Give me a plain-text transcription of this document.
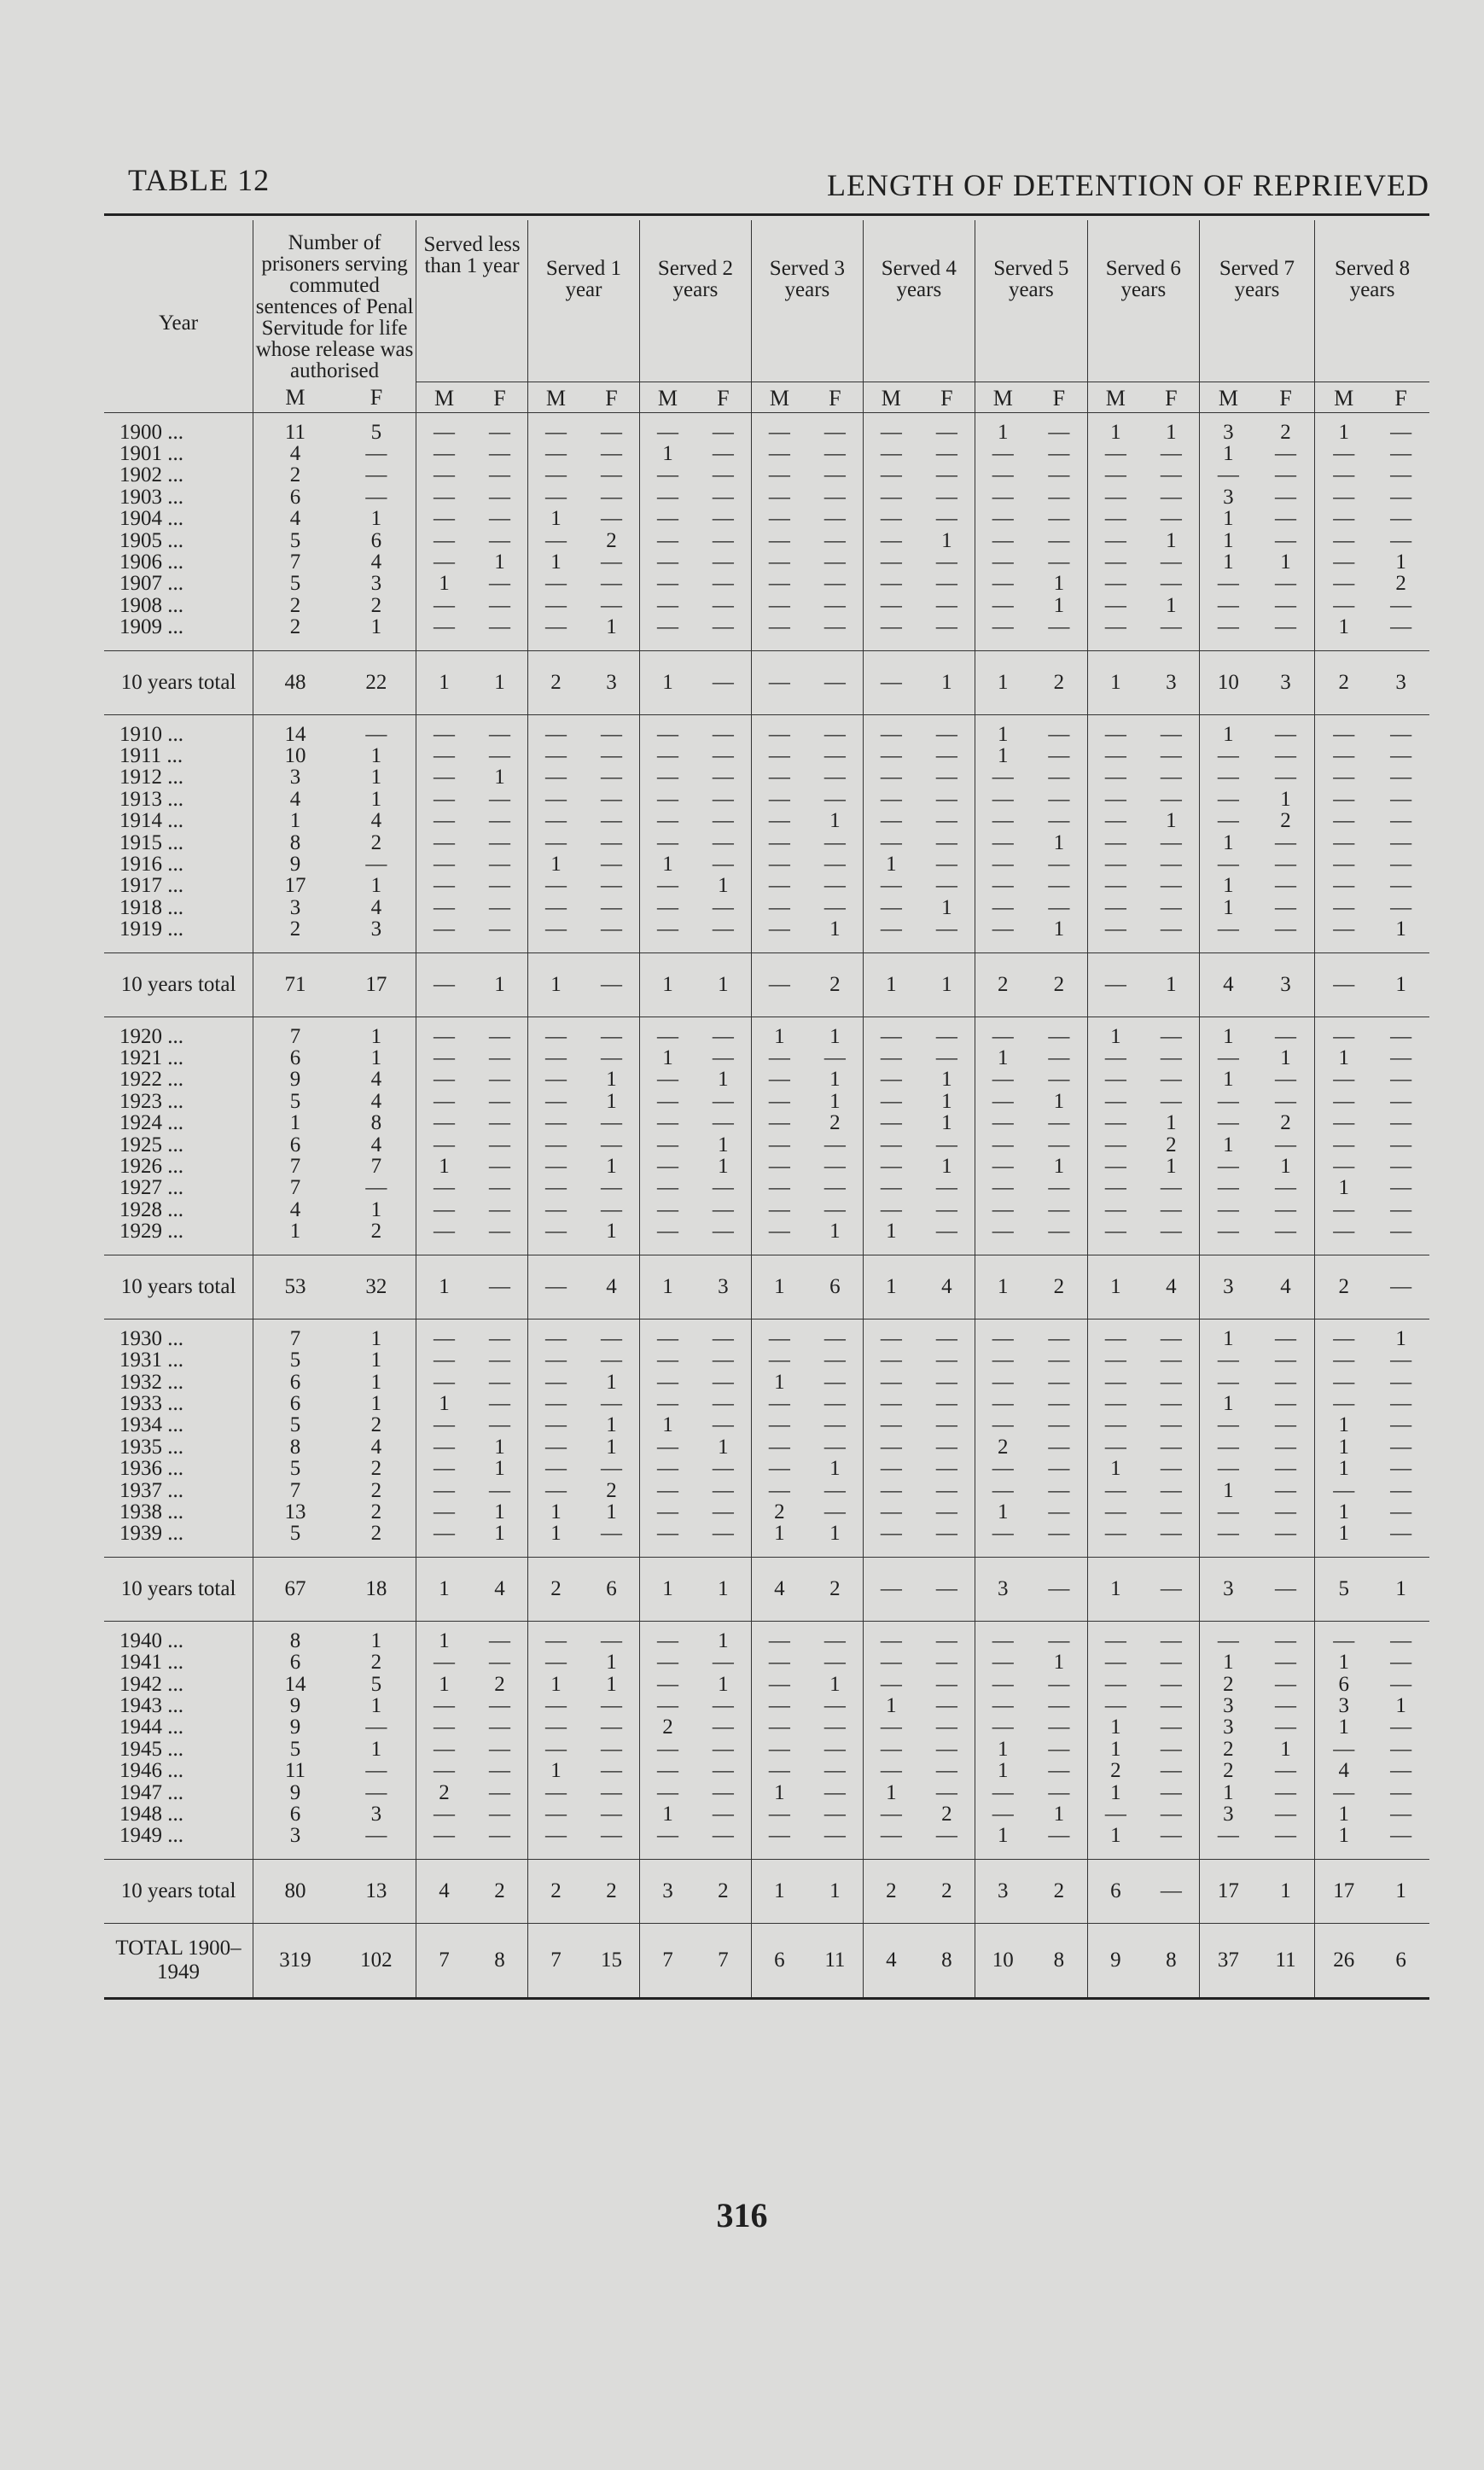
TABLE 12	LENGTH OF DETENTION OF REPRIEVED
Year	Number of prisoners serving commuted sentences of Penal Servitude for life whose release was authorised		Served less than 1 year		Served 1 year		Served 2 years		Served 3 years		Served 4 years		Served 5 years		Served 6 years		Served 7 years		Served 8 years	
	M	F	M	F	M	F	M	F	M	F	M	F	M	F	M	F	M	F	M	F
1900 ...	11	5	—	—	—	—	—	—	—	—	—	—	1	—	1	1	3	2	1	—
1901 ...	4	—	—	—	—	—	1	—	—	—	—	—	—	—	—	—	1	—	—	—
1902 ...	2	—	—	—	—	—	—	—	—	—	—	—	—	—	—	—	—	—	—	—
1903 ...	6	—	—	—	—	—	—	—	—	—	—	—	—	—	—	—	3	—	—	—
1904 ...	4	1	—	—	1	—	—	—	—	—	—	—	—	—	—	—	1	—	—	—
1905 ...	5	6	—	—	—	2	—	—	—	—	—	1	—	—	—	1	1	—	—	—
1906 ...	7	4	—	1	1	—	—	—	—	—	—	—	—	—	—	—	1	1	—	1
1907 ...	5	3	1	—	—	—	—	—	—	—	—	—	—	1	—	—	—	—	—	2
1908 ...	2	2	—	—	—	—	—	—	—	—	—	—	—	1	—	1	—	—	—	—
1909 ...	2	1	—	—	—	1	—	—	—	—	—	—	—	—	—	—	—	—	1	—
10 years total	48	22	1	1	2	3	1	—	—	—	—	1	1	2	1	3	10	3	2	3
1910 ...	14	—	—	—	—	—	—	—	—	—	—	—	1	—	—	—	1	—	—	—
1911 ...	10	1	—	—	—	—	—	—	—	—	—	—	1	—	—	—	—	—	—	—
1912 ...	3	1	—	1	—	—	—	—	—	—	—	—	—	—	—	—	—	—	—	—
1913 ...	4	1	—	—	—	—	—	—	—	—	—	—	—	—	—	—	—	1	—	—
1914 ...	1	4	—	—	—	—	—	—	—	1	—	—	—	—	—	1	—	2	—	—
1915 ...	8	2	—	—	—	—	—	—	—	—	—	—	—	1	—	—	1	—	—	—
1916 ...	9	—	—	—	1	—	1	—	—	—	1	—	—	—	—	—	—	—	—	—
1917 ...	17	1	—	—	—	—	—	1	—	—	—	—	—	—	—	—	1	—	—	—
1918 ...	3	4	—	—	—	—	—	—	—	—	—	1	—	—	—	—	1	—	—	—
1919 ...	2	3	—	—	—	—	—	—	—	1	—	—	—	1	—	—	—	—	—	1
10 years total	71	17	—	1	1	—	1	1	—	2	1	1	2	2	—	1	4	3	—	1
1920 ...	7	1	—	—	—	—	—	—	1	1	—	—	—	—	1	—	1	—	—	—
1921 ...	6	1	—	—	—	—	1	—	—	—	—	—	1	—	—	—	—	1	1	—
1922 ...	9	4	—	—	—	1	—	1	—	1	—	1	—	—	—	—	1	—	—	—
1923 ...	5	4	—	—	—	1	—	—	—	1	—	1	—	1	—	—	—	—	—	—
1924 ...	1	8	—	—	—	—	—	—	—	2	—	1	—	—	—	1	—	2	—	—
1925 ...	6	4	—	—	—	—	—	1	—	—	—	—	—	—	—	2	1	—	—	—
1926 ...	7	7	1	—	—	1	—	1	—	—	—	1	—	1	—	1	—	1	—	—
1927 ...	7	—	—	—	—	—	—	—	—	—	—	—	—	—	—	—	—	—	1	—
1928 ...	4	1	—	—	—	—	—	—	—	—	—	—	—	—	—	—	—	—	—	—
1929 ...	1	2	—	—	—	1	—	—	—	1	1	—	—	—	—	—	—	—	—	—
10 years total	53	32	1	—	—	4	1	3	1	6	1	4	1	2	1	4	3	4	2	—
1930 ...	7	1	—	—	—	—	—	—	—	—	—	—	—	—	—	—	1	—	—	1
1931 ...	5	1	—	—	—	—	—	—	—	—	—	—	—	—	—	—	—	—	—	—
1932 ...	6	1	—	—	—	1	—	—	1	—	—	—	—	—	—	—	—	—	—	—
1933 ...	6	1	1	—	—	—	—	—	—	—	—	—	—	—	—	—	1	—	—	—
1934 ...	5	2	—	—	—	1	1	—	—	—	—	—	—	—	—	—	—	—	1	—
1935 ...	8	4	—	1	—	1	—	1	—	—	—	—	2	—	—	—	—	—	1	—
1936 ...	5	2	—	1	—	—	—	—	—	1	—	—	—	—	1	—	—	—	1	—
1937 ...	7	2	—	—	—	2	—	—	—	—	—	—	—	—	—	—	1	—	—	—
1938 ...	13	2	—	1	1	1	—	—	2	—	—	—	1	—	—	—	—	—	1	—
1939 ...	5	2	—	1	1	—	—	—	1	1	—	—	—	—	—	—	—	—	1	—
10 years total	67	18	1	4	2	6	1	1	4	2	—	—	3	—	1	—	3	—	5	1
1940 ...	8	1	1	—	—	—	—	1	—	—	—	—	—	—	—	—	—	—	—	—
1941 ...	6	2	—	—	—	1	—	—	—	—	—	—	—	1	—	—	1	—	1	—
1942 ...	14	5	1	2	1	1	—	1	—	1	—	—	—	—	—	—	2	—	6	—
1943 ...	9	1	—	—	—	—	—	—	—	—	1	—	—	—	—	—	3	—	3	1
1944 ...	9	—	—	—	—	—	2	—	—	—	—	—	—	—	1	—	3	—	1	—
1945 ...	5	1	—	—	—	—	—	—	—	—	—	—	1	—	1	—	2	1	—	—
1946 ...	11	—	—	—	1	—	—	—	—	—	—	—	1	—	2	—	2	—	4	—
1947 ...	9	—	2	—	—	—	—	—	1	—	1	—	—	—	1	—	1	—	—	—
1948 ...	6	3	—	—	—	—	1	—	—	—	—	2	—	1	—	—	3	—	1	—
1949 ...	3	—	—	—	—	—	—	—	—	—	—	—	1	—	1	—	—	—	1	—
10 years total	80	13	4	2	2	2	3	2	1	1	2	2	3	2	6	—	17	1	17	1
TOTAL 1900–1949	319	102	7	8	7	15	7	7	6	11	4	8	10	8	9	8	37	11	26	6
316
